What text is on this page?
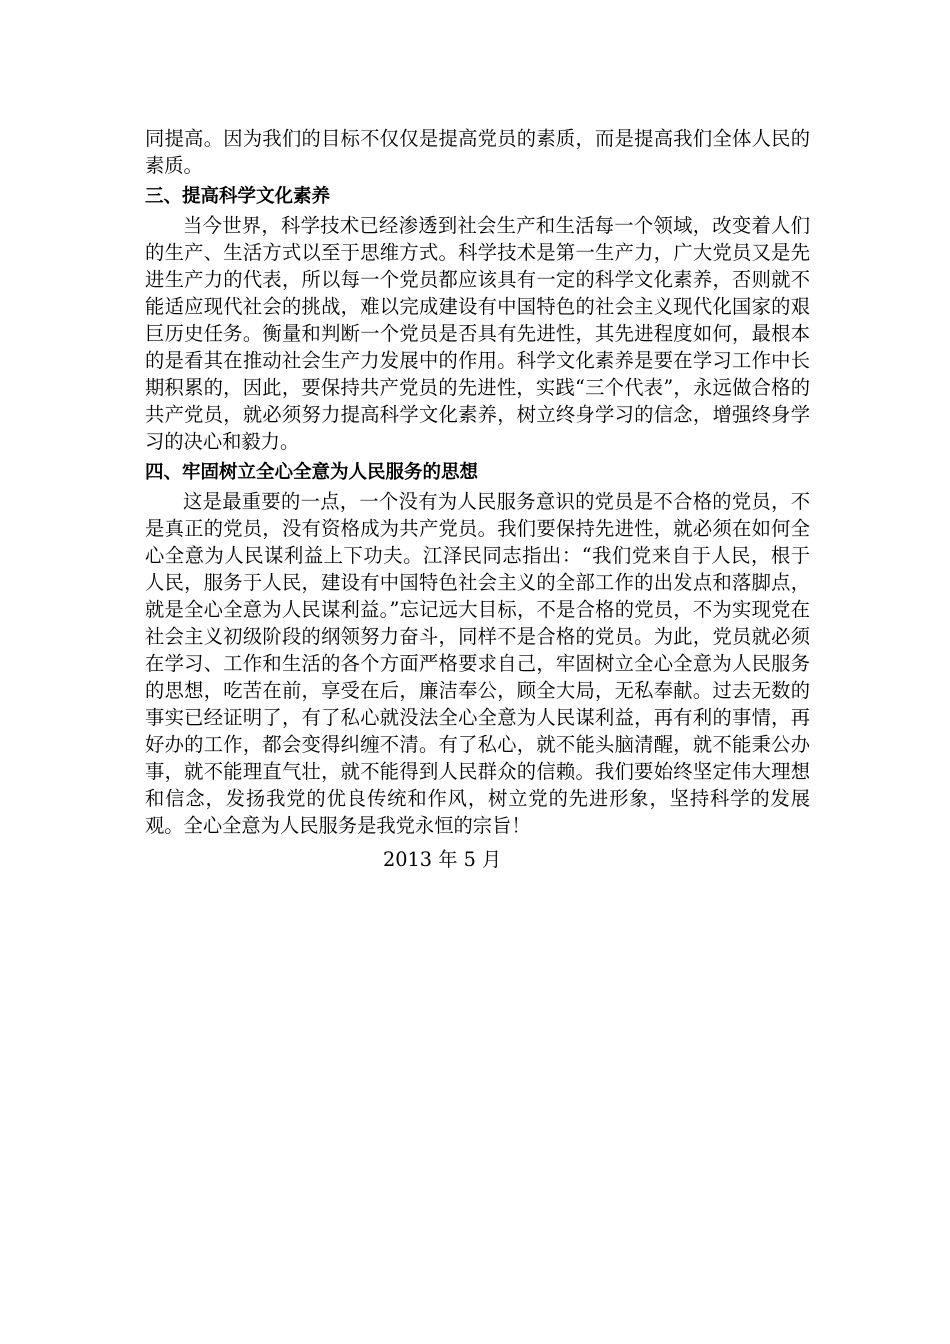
同提高。因为我们的目标不仅仅是提高党员的素质，而是提高我们全体人民的素质。

三、提高科学文化素养

当今世界，科学技术已经渗透到社会生产和生活每一个领域，改变着人们的生产、生活方式以至于思维方式。科学技术是第一生产力，广大党员又是先进生产力的代表，所以每一个党员都应该具有一定的科学文化素养，否则就不能适应现代社会的挑战，难以完成建设有中国特色的社会主义现代化国家的艰巨历史任务。衡量和判断一个党员是否具有先进性，其先进程度如何，最根本的是看其在推动社会生产力发展中的作用。科学文化素养是要在学习工作中长期积累的，因此，要保持共产党员的先进性，实践“三个代表”，永远做合格的共产党员，就必须努力提高科学文化素养，树立终身学习的信念，增强终身学习的决心和毅力。

四、牢固树立全心全意为人民服务的思想

这是最重要的一点，一个没有为人民服务意识的党员是不合格的党员，不是真正的党员，没有资格成为共产党员。我们要保持先进性，就必须在如何全心全意为人民谋利益上下功夫。江泽民同志指出：“我们党来自于人民，根于人民，服务于人民，建设有中国特色社会主义的全部工作的出发点和落脚点，就是全心全意为人民谋利益。”忘记远大目标，不是合格的党员，不为实现党在社会主义初级阶段的纲领努力奋斗，同样不是合格的党员。为此，党员就必须在学习、工作和生活的各个方面严格要求自己，牢固树立全心全意为人民服务的思想，吃苦在前，享受在后，廉洁奉公，顾全大局，无私奉献。过去无数的事实已经证明了，有了私心就没法全心全意为人民谋利益，再有利的事情，再好办的工作，都会变得纠缠不清。有了私心，就不能头脑清醒，就不能秉公办事，就不能理直气壮，就不能得到人民群众的信赖。我们要始终坚定伟大理想和信念，发扬我党的优良传统和作风，树立党的先进形象，坚持科学的发展观。全心全意为人民服务是我党永恒的宗旨！

2013 年 5 月
